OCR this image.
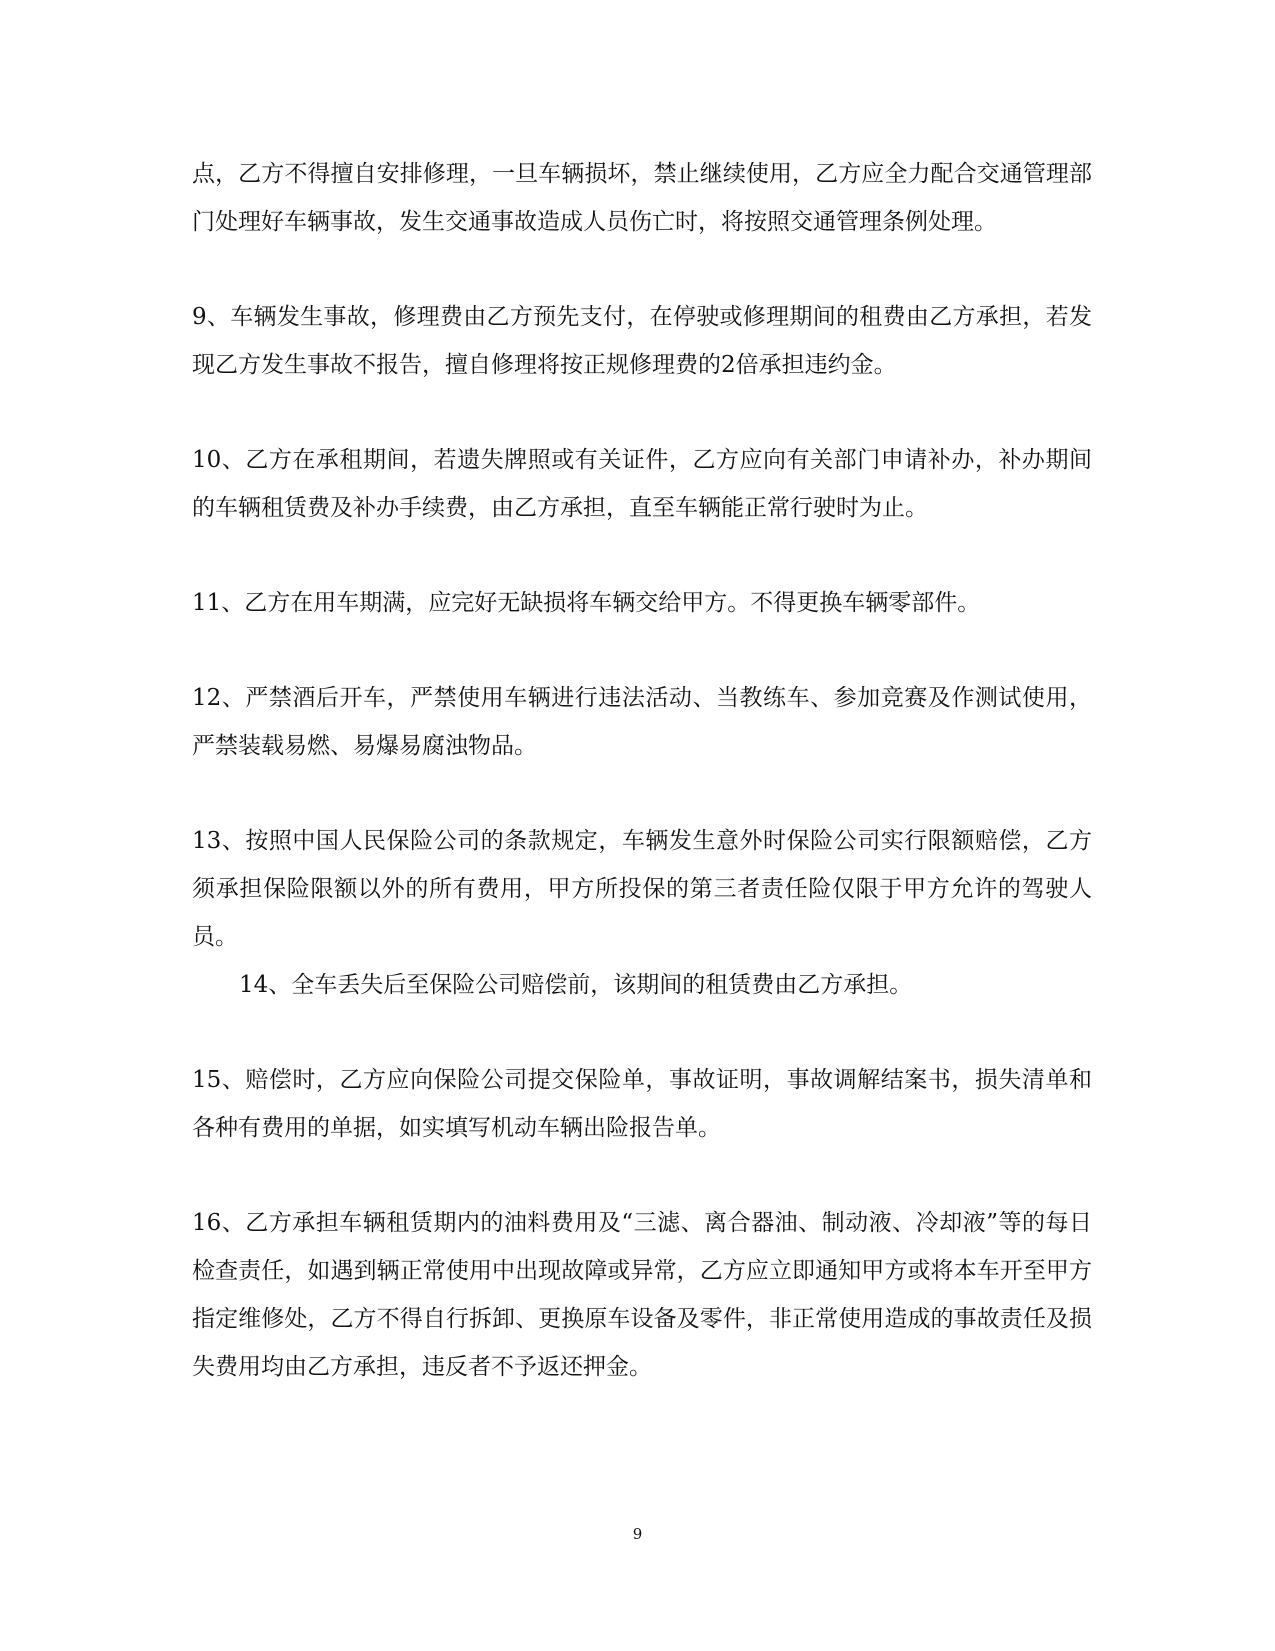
点，乙方不得擅自安排修理，一旦车辆损坏，禁止继续使用，乙方应全力配合交通管理部门处理好车辆事故，发生交通事故造成人员伤亡时，将按照交通管理条例处理。

9、车辆发生事故，修理费由乙方预先支付，在停驶或修理期间的租费由乙方承担，若发现乙方发生事故不报告，擅自修理将按正规修理费的2倍承担违约金。

10、乙方在承租期间，若遗失牌照或有关证件，乙方应向有关部门申请补办，补办期间的车辆租赁费及补办手续费，由乙方承担，直至车辆能正常行驶时为止。

11、乙方在用车期满，应完好无缺损将车辆交给甲方。不得更换车辆零部件。

12、严禁酒后开车，严禁使用车辆进行违法活动、当教练车、参加竞赛及作测试使用，严禁装载易燃、易爆易腐浊物品。

13、按照中国人民保险公司的条款规定，车辆发生意外时保险公司实行限额赔偿，乙方须承担保险限额以外的所有费用，甲方所投保的第三者责任险仅限于甲方允许的驾驶人员。

14、全车丢失后至保险公司赔偿前，该期间的租赁费由乙方承担。

15、赔偿时，乙方应向保险公司提交保险单，事故证明，事故调解结案书，损失清单和各种有费用的单据，如实填写机动车辆出险报告单。

16、乙方承担车辆租赁期内的油料费用及“三滤、离合器油、制动液、冷却液”等的每日检查责任，如遇到辆正常使用中出现故障或异常，乙方应立即通知甲方或将本车开至甲方指定维修处，乙方不得自行拆卸、更换原车设备及零件，非正常使用造成的事故责任及损失费用均由乙方承担，违反者不予返还押金。

9
